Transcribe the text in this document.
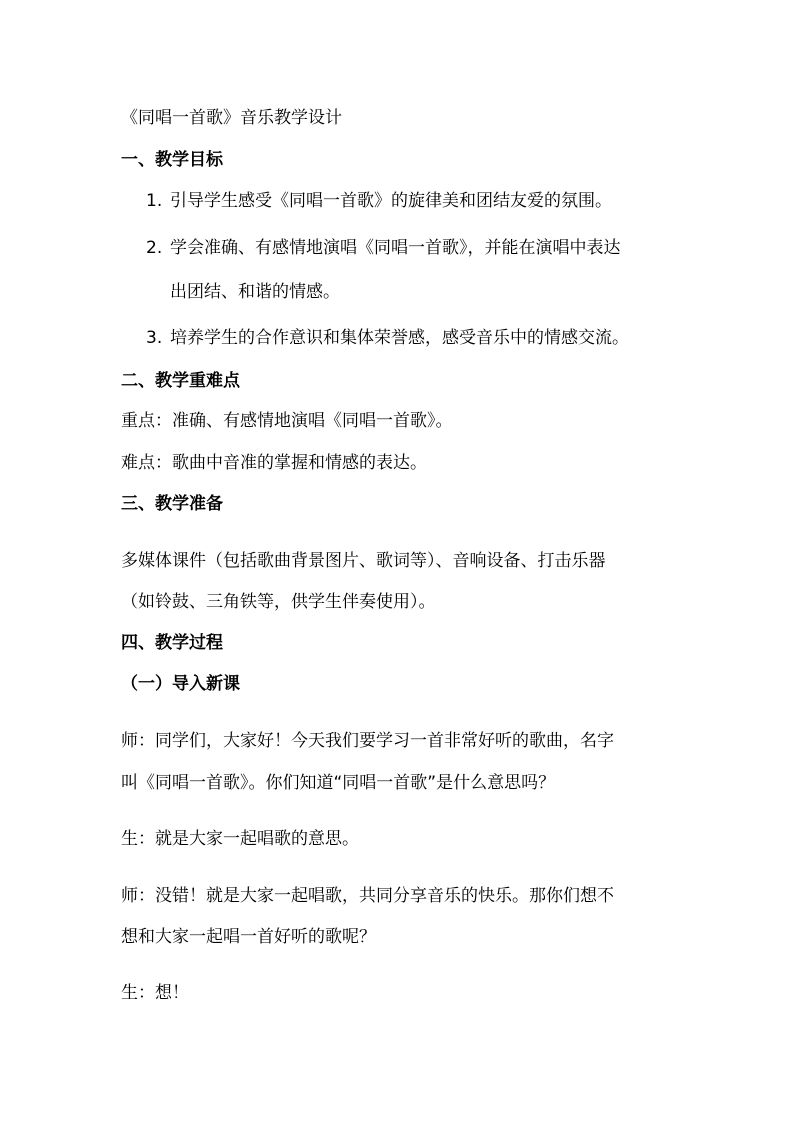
《同唱一首歌》音乐教学设计
一、教学目标
1. 引导学生感受《同唱一首歌》的旋律美和团结友爱的氛围。
2. 学会准确、有感情地演唱《同唱一首歌》，并能在演唱中表达
出团结、和谐的情感。
3. 培养学生的合作意识和集体荣誉感，感受音乐中的情感交流。
二、教学重难点
重点：准确、有感情地演唱《同唱一首歌》。
难点：歌曲中音准的掌握和情感的表达。
三、教学准备
多媒体课件（包括歌曲背景图片、歌词等）、音响设备、打击乐器
（如铃鼓、三角铁等，供学生伴奏使用）。
四、教学过程
（一）导入新课
师：同学们，大家好！今天我们要学习一首非常好听的歌曲，名字
叫《同唱一首歌》。你们知道“同唱一首歌”是什么意思吗？
生：就是大家一起唱歌的意思。
师：没错！就是大家一起唱歌，共同分享音乐的快乐。那你们想不
想和大家一起唱一首好听的歌呢？
生：想！
